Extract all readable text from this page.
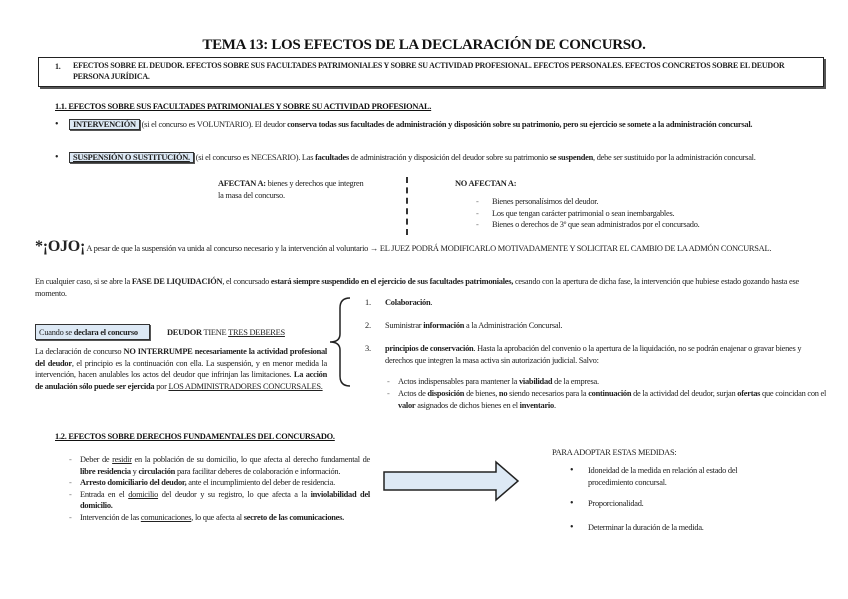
TEMA 13: LOS EFECTOS DE LA DECLARACIÓN DE CONCURSO.
1. EFECTOS SOBRE EL DEUDOR. EFECTOS SOBRE SUS FACULTADES PATRIMONIALES Y SOBRE SU ACTIVIDAD PROFESIONAL. EFECTOS PERSONALES. EFECTOS CONCRETOS SOBRE EL DEUDOR PERSONA JURÍDICA.
1.1. EFECTOS SOBRE SUS FACULTADES PATRIMONIALES Y SOBRE SU ACTIVIDAD PROFESIONAL.
•	INTERVENCIÓN (si el concurso es VOLUNTARIO). El deudor conserva todas sus facultades de administración y disposición sobre su patrimonio, pero su ejercicio se somete a la administración concursal.
•	SUSPENSIÓN O SUSTITUCIÓN. (si el concurso es NECESARIO). Las facultades de administración y disposición del deudor sobre su patrimonio se suspenden, debe ser sustituido por la administración concursal.
AFECTAN A: bienes y derechos que integren la masa del concurso.
NO AFECTAN A:
- Bienes personalísimos del deudor.
- Los que tengan carácter patrimonial o sean inembargables.
- Bienes o derechos de 3º que sean administrados por el concursado.
*¡OJO¡ A pesar de que la suspensión va unida al concurso necesario y la intervención al voluntario → EL JUEZ PODRÁ MODIFICARLO MOTIVADAMENTE Y SOLICITAR EL CAMBIO DE LA ADMÓN CONCURSAL.
En cualquier caso, si se abre la FASE DE LIQUIDACIÓN, el concursado estará siempre suspendido en el ejercicio de sus facultades patrimoniales, cesando con la apertura de dicha fase, la intervención que hubiese estado gozando hasta ese momento.
Cuando se declara el concurso	DEUDOR TIENE TRES DEBERES
La declaración de concurso NO INTERRUMPE necesariamente la actividad profesional del deudor, el principio es la continuación con ella. La suspensión, y en menor medida la intervención, hacen anulables los actos del deudor que infrinjan las limitaciones. La acción de anulación sólo puede ser ejercida por LOS ADMINISTRADORES CONCURSALES.
1. Colaboración.
2. Suministrar información a la Administración Concursal.
3. principios de conservación. Hasta la aprobación del convenio o la apertura de la liquidación, no se podrán enajenar o gravar bienes y derechos que integren la masa activa sin autorización judicial. Salvo:
- Actos indispensables para mantener la viabilidad de la empresa.
- Actos de disposición de bienes, no siendo necesarios para la continuación de la actividad del deudor, surjan ofertas que coincidan con el valor asignados de dichos bienes en el inventario.
1.2. EFECTOS SOBRE DERECHOS FUNDAMENTALES DEL CONCURSADO.
- Deber de residir en la población de su domicilio, lo que afecta al derecho fundamental de libre residencia y circulación para facilitar deberes de colaboración e información.
- Arresto domiciliario del deudor, ante el incumplimiento del deber de residencia.
- Entrada en el domicilio del deudor y su registro, lo que afecta a la inviolabilidad del domicilio.
- Intervención de las comunicaciones, lo que afecta al secreto de las comunicaciones.
PARA ADOPTAR ESTAS MEDIDAS:
• Idoneidad de la medida en relación al estado del procedimiento concursal.
• Proporcionalidad.
• Determinar la duración de la medida.
